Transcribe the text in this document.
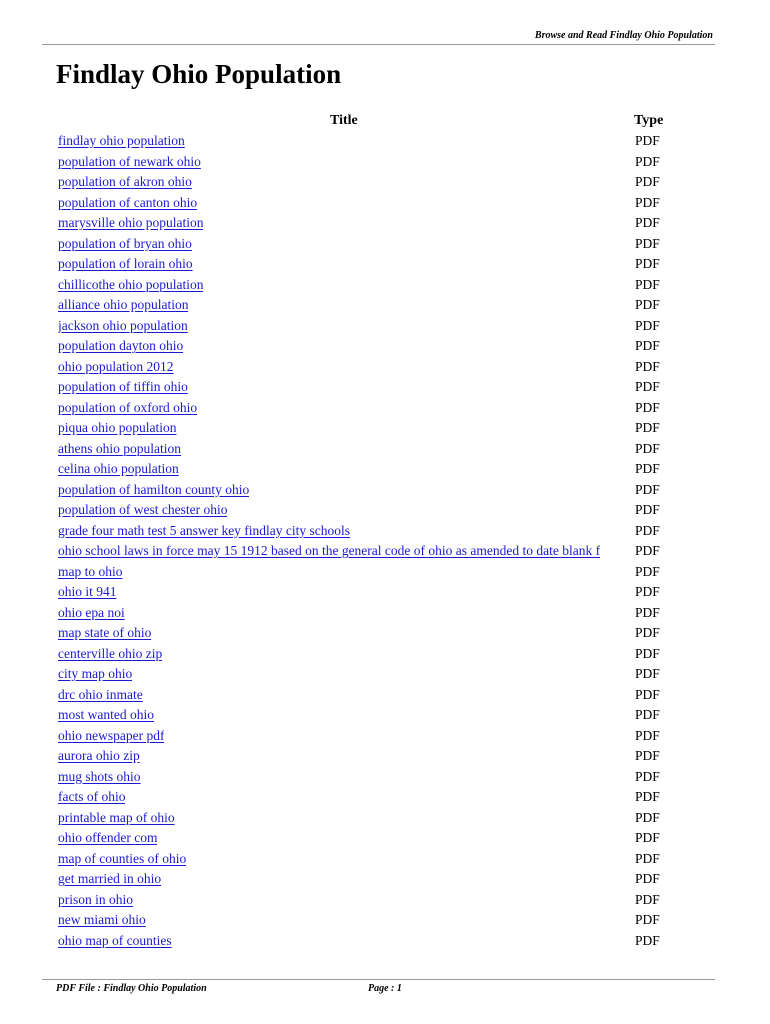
Browse and Read Findlay Ohio Population
Findlay Ohio Population
Title	Type
findlay ohio population	PDF
population of newark ohio	PDF
population of akron ohio	PDF
population of canton ohio	PDF
marysville ohio population	PDF
population of bryan ohio	PDF
population of lorain ohio	PDF
chillicothe ohio population	PDF
alliance ohio population	PDF
jackson ohio population	PDF
population dayton ohio	PDF
ohio population 2012	PDF
population of tiffin ohio	PDF
population of oxford ohio	PDF
piqua ohio population	PDF
athens ohio population	PDF
celina ohio population	PDF
population of hamilton county ohio	PDF
population of west chester ohio	PDF
grade four math test 5 answer key findlay city schools	PDF
ohio school laws in force may 15 1912 based on the general code of ohio as amended to date blank f	PDF
map to ohio	PDF
ohio it 941	PDF
ohio epa noi	PDF
map state of ohio	PDF
centerville ohio zip	PDF
city map ohio	PDF
drc ohio inmate	PDF
most wanted ohio	PDF
ohio newspaper pdf	PDF
aurora ohio zip	PDF
mug shots ohio	PDF
facts of ohio	PDF
printable map of ohio	PDF
ohio offender com	PDF
map of counties of ohio	PDF
get married in ohio	PDF
prison in ohio	PDF
new miami ohio	PDF
ohio map of counties	PDF
PDF File : Findlay Ohio Population	Page : 1
